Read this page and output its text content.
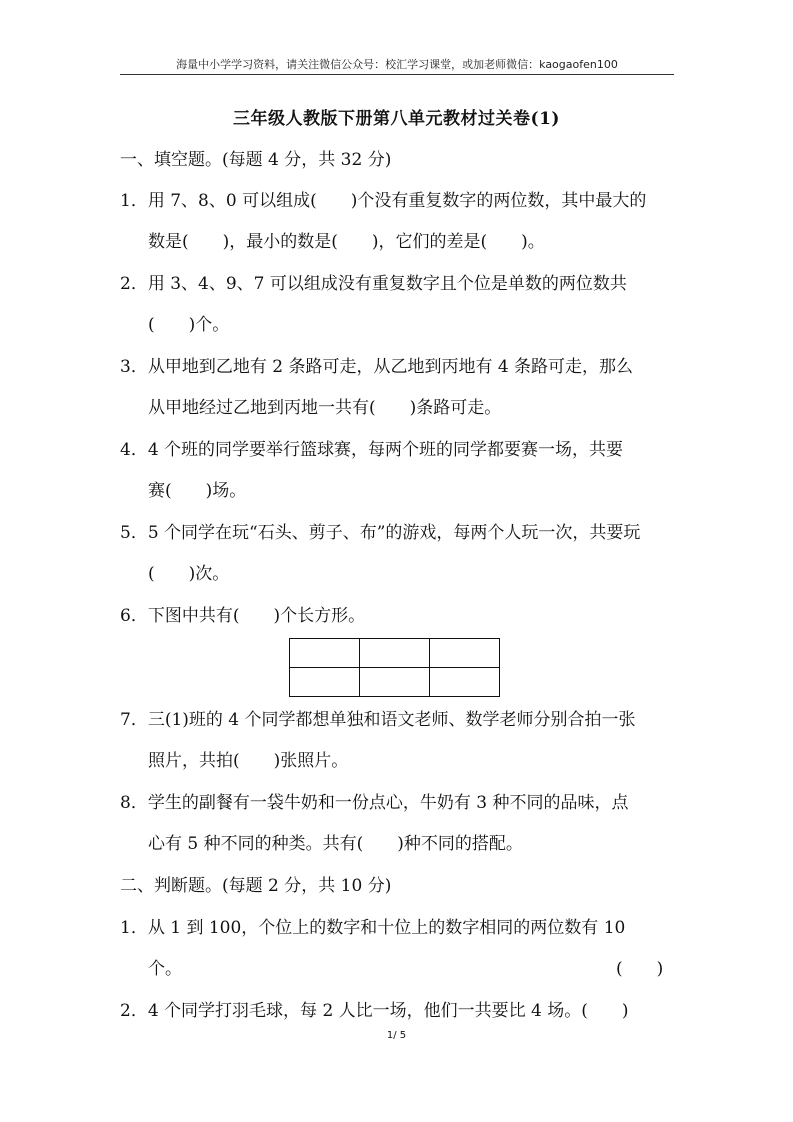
海量中小学学习资料，请关注微信公众号：校汇学习课堂，或加老师微信：kaogaofen100
三年级人教版下册第八单元教材过关卷(1)
一、填空题。(每题 4 分，共 32 分)
1．用 7、8、0 可以组成(　　)个没有重复数字的两位数，其中最大的
数是(　　)，最小的数是(　　)，它们的差是(　　)。
2．用 3、4、9、7 可以组成没有重复数字且个位是单数的两位数共
(　　)个。
3．从甲地到乙地有 2 条路可走，从乙地到丙地有 4 条路可走，那么
从甲地经过乙地到丙地一共有(　　)条路可走。
4．4 个班的同学要举行篮球赛，每两个班的同学都要赛一场，共要
赛(　　)场。
5．5 个同学在玩“石头、剪子、布”的游戏，每两个人玩一次，共要玩
(　　)次。
6．下图中共有(　　)个长方形。

7．三(1)班的 4 个同学都想单独和语文老师、数学老师分别合拍一张
照片，共拍(　　)张照片。
8．学生的副餐有一袋牛奶和一份点心，牛奶有 3 种不同的品味，点
心有 5 种不同的种类。共有(　　)种不同的搭配。
二、判断题。(每题 2 分，共 10 分)
1．从 1 到 100，个位上的数字和十位上的数字相同的两位数有 10
个。	(　　)
2．4 个同学打羽毛球，每 2 人比一场，他们一共要比 4 场。(　　)
1/ 5
